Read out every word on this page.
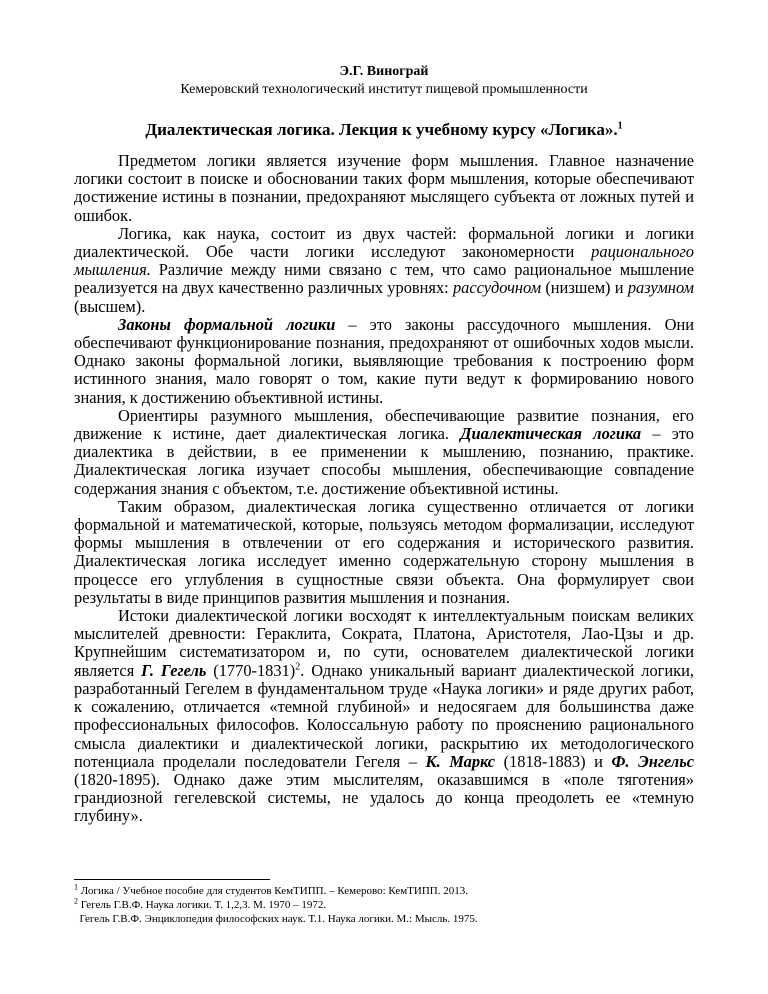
Э.Г. Винограй
Кемеровский технологический институт пищевой промышленности
Диалектическая логика. Лекция к учебному курсу «Логика».$^1$

Предметом логики является изучение форм мышления. Главное назначение логики состоит в поиске и обосновании таких форм мышления, которые обеспечивают достижение истины в познании, предохраняют мыслящего субъекта от ложных путей и ошибок.

Логика, как наука, состоит из двух частей: формальной логики и логики диалектической. Обе части логики исследуют закономерности рационального мышления. Различие между ними связано с тем, что само рациональное мышление реализуется на двух качественно различных уровнях: рассудочном (низшем) и разумном (высшем).

Законы формальной логики – это законы рассудочного мышления. Они обеспечивают функционирование познания, предохраняют от ошибочных ходов мысли. Однако законы формальной логики, выявляющие требования к построению форм истинного знания, мало говорят о том, какие пути ведут к формированию нового знания, к достижению объективной истины.

Ориентиры разумного мышления, обеспечивающие развитие познания, его движение к истине, дает диалектическая логика. Диалектическая логика – это диалектика в действии, в ее применении к мышлению, познанию, практике. Диалектическая логика изучает способы мышления, обеспечивающие совпадение содержания знания с объектом, т.е. достижение объективной истины.

Таким образом, диалектическая логика существенно отличается от логики формальной и математической, которые, пользуясь методом формализации, исследуют формы мышления в отвлечении от его содержания и исторического развития. Диалектическая логика исследует именно содержательную сторону мышления в процессе его углубления в сущностные связи объекта. Она формулирует свои результаты в виде принципов развития мышления и познания.

Истоки диалектической логики восходят к интеллектуальным поискам великих мыслителей древности: Гераклита, Сократа, Платона, Аристотеля, Лао-Цзы и др. Крупнейшим систематизатором и, по сути, основателем диалектической логики является Г. Гегель (1770-1831)$^2$. Однако уникальный вариант диалектической логики, разработанный Гегелем в фундаментальном труде «Наука логики» и ряде других работ, к сожалению, отличается «темной глубиной» и недосягаем для большинства даже профессиональных философов. Колоссальную работу по прояснению рационального смысла диалектики и диалектической логики, раскрытию их методологического потенциала проделали последователи Гегеля – К. Маркс (1818-1883) и Ф. Энгельс (1820-1895). Однако даже этим мыслителям, оказавшимся в «поле тяготения» грандиозной гегелевской системы, не удалось до конца преодолеть ее «темную глубину».

$^1$ Логика / Учебное пособие для студентов КемТИПП. – Кемерово: КемТИПП. 2013.

$^2$ Гегель Г.В.Ф. Наука логики. Т. 1,2,3. М. 1970 – 1972.

Гегель Г.В.Ф. Энциклопедия философских наук. Т.1. Наука логики. М.: Мысль. 1975.
